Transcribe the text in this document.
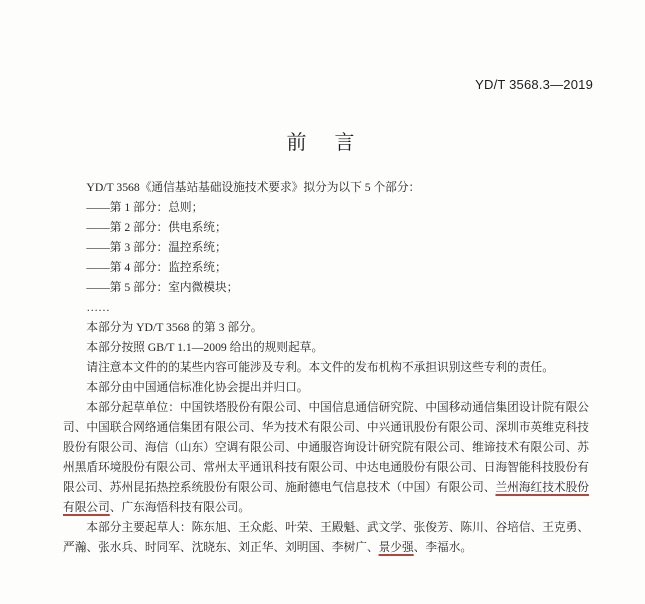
YD/T 3568.3—2019
前　言

YD/T 3568《通信基站基础设施技术要求》拟分为以下 5 个部分：

——第 1 部分：总则；

——第 2 部分：供电系统；

——第 3 部分：温控系统；

——第 4 部分：监控系统；

——第 5 部分：室内微模块；

……

本部分为 YD/T 3568 的第 3 部分。

本部分按照 GB/T 1.1—2009 给出的规则起草。

请注意本文件的的某些内容可能涉及专利。本文件的发布机构不承担识别这些专利的责任。

本部分由中国通信标准化协会提出并归口。

本部分起草单位：中国铁塔股份有限公司、中国信息通信研究院、中国移动通信集团设计院有限公司、中国联合网络通信集团有限公司、华为技术有限公司、中兴通讯股份有限公司、深圳市英维克科技股份有限公司、海信（山东）空调有限公司、中通服咨询设计研究院有限公司、维谛技术有限公司、苏州黑盾环境股份有限公司、常州太平通讯科技有限公司、中达电通股份有限公司、日海智能科技股份有限公司、苏州昆拓热控系统股份有限公司、施耐德电气信息技术（中国）有限公司、兰州海红技术股份有限公司、广东海悟科技有限公司。

本部分主要起草人：陈东旭、王众彪、叶荣、王殿魁、武文学、张俊芳、陈川、谷培信、王克勇、严瀚、张水兵、时同军、沈晓东、刘正华、刘明国、李树广、景少强、李福水。
